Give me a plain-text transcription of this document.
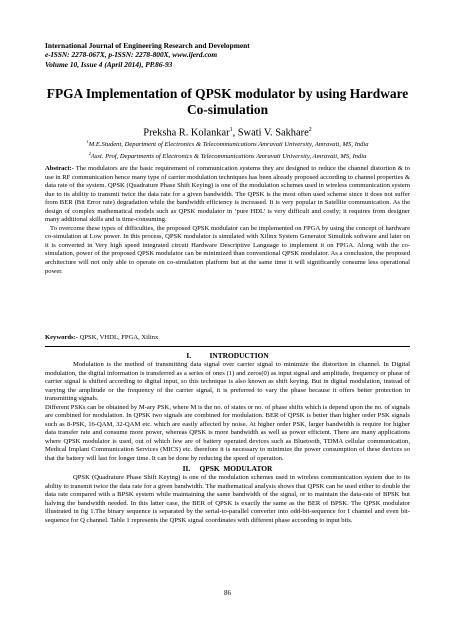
International Journal of Engineering Research and Development
e-ISSN: 2278-067X, p-ISSN: 2278-800X, www.ijerd.com
Volume 10, Issue 4 (April 2014), PP.86-93
FPGA Implementation of QPSK modulator by using Hardware Co-simulation
Preksha R. Kolankar$^1$, Swati V. Sakhare$^2$
$^1$M.E.Student, Department of Electronics & Telecommunications Amravati University, Amravati, MS, India
$^2$Asst. Prof, Departments of Electronics & Telecommunications Amravati University, Amravati, MS, India

Abstract:- The modulators are the basic requirement of communication systems they are designed to reduce the channel distortion & to use in RF communication hence many type of carrier modulation techniques has been already proposed according to channel properties & data rate of the system. QPSK (Quadrature Phase Shift Keying) is one of the modulation schemes used in wireless communication system due to its ability to transmit twice the data rate for a given bandwidth. The QPSK is the most often used scheme since it does not suffer from BER (Bit Error rate) degradation while the bandwidth efficiency is increased. It is very popular in Satellite communication. As the design of complex mathematical models such as QPSK modulator in ‘pure HDL’ is very difficult and costly; it requires from designer many additional skills and is time-consuming.

To overcome these types of difficulties, the proposed QPSK modulator can be implemented on FPGA by using the concept of hardware co-simulation at Low power. In this process, QPSK modulator is simulated with Xilinx System Generator Simulink software and later on it is converted in Very high speed integrated circuit Hardware Descriptive Language to implement it on FPGA. Along with the co-simulation, power of the proposed QPSK modulator can be minimized than conventional QPSK modulator. As a conclusion, the proposed architecture will not only able to operate on co-simulation platform but at the same time it will significantly consume less operational power.

Keywords:- QPSK, VHDL, FPGA, Xilinx
I.          INTRODUCTION

Modulation is the method of transmitting data signal over carrier signal to minimize the distortion in channel. In Digital modulation, the digital information is transferred as a series of ones (1) and zeros(0) as input signal and amplitude, frequency or phase of carrier signal is shifted according to digital input, so this technique is also known as shift keying. But in digital modulation, instead of varying the amplitude or the frequency of the carrier signal, it is preferred to vary the phase because it offers better protection in transmitting signals.

Different PSKs can be obtained by M-ary PSK, where M is the no. of states or no. of phase shifts which is depend upon the no. of signals are combined for modulation. In QPSK two signals are combined for modulation. BER of QPSK is better than higher order PSK signals such as 8-PSK, 16-QAM, 32-QAM etc. which are easily affected by noise. At higher order PSK, larger bandwidth is require for higher data transfer rate and consume more power, whereas QPSK is more bandwidth as well as power efficient. There are many applications where QPSK modulator is used, out of which few are of battery operated devices such as Bluetooth, TDMA cellular communication, Medical Implant Communication Services (MICS) etc. therefore it is necessary to minimize the power consumption of these devices so that the battery will last for longer time. It can be done by reducing the speed of operation.

II.     QPSK  MODULATOR

QPSK (Quadrature Phase Shift Keying) is one of the modulation schemes used in wireless communication system due to its ability to transmit twice the data rate for a given bandwidth. The mathematical analysis shows that QPSK can be used either to double the data rate compared with a BPSK system while maintaining the same bandwidth of the signal, or to maintain the data-rate of BPSK but halving the bandwidth needed. In this latter case, the BER of QPSK is exactly the same as the BER of BPSK. The QPSK modulator illustrated in fig 1.The binary sequence is separated by the serial-to-parallel converter into odd-bit-sequence for I channel and even bit- sequence for Q channel. Table 1 represents the QPSK signal coordinates with different phase according to input bits.

86
